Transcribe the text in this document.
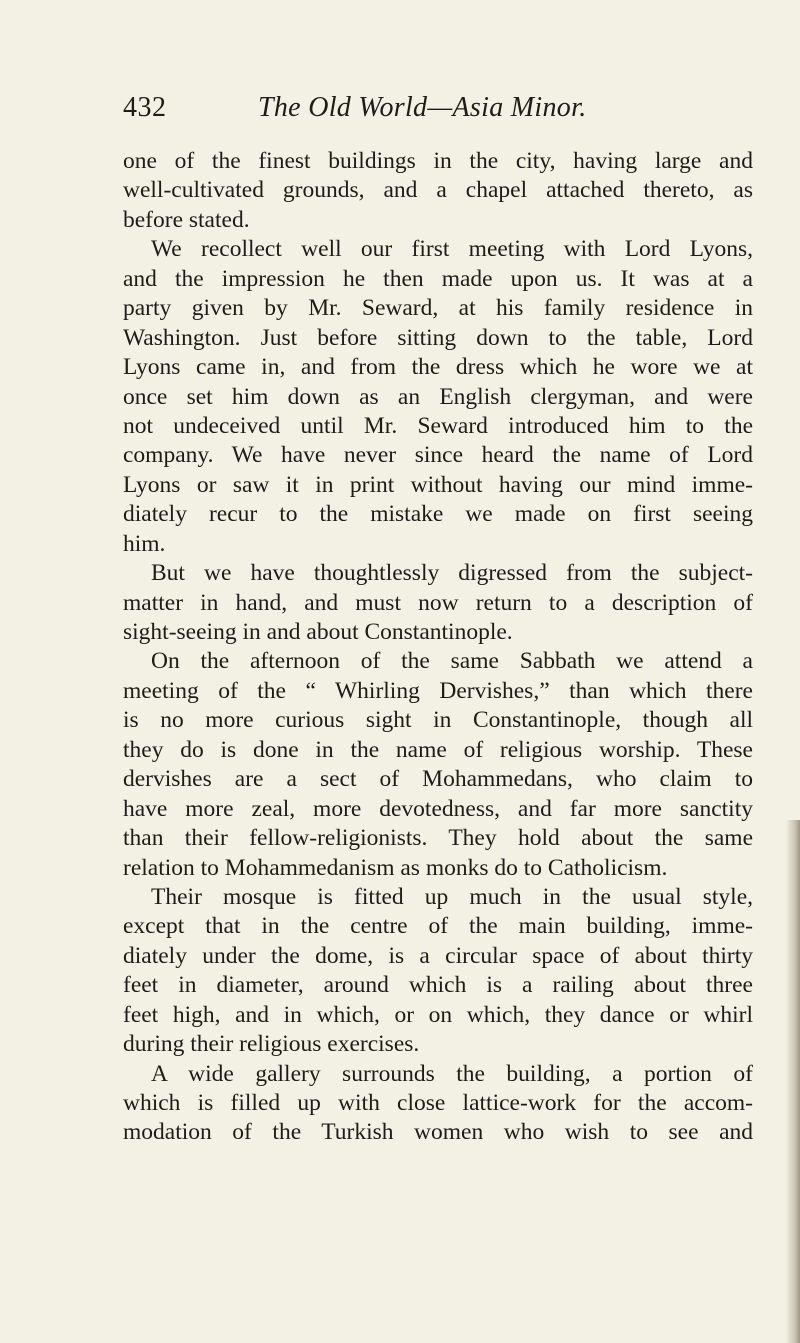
432	The Old World—Asia Minor.
one of the finest buildings in the city, having large and
well-cultivated grounds, and a chapel attached thereto, as
before stated.
We recollect well our first meeting with Lord Lyons,
and the impression he then made upon us. It was at a
party given by Mr. Seward, at his family residence in
Washington. Just before sitting down to the table, Lord
Lyons came in, and from the dress which he wore we at
once set him down as an English clergyman, and were
not undeceived until Mr. Seward introduced him to the
company. We have never since heard the name of Lord
Lyons or saw it in print without having our mind imme-
diately recur to the mistake we made on first seeing
him.
But we have thoughtlessly digressed from the subject-
matter in hand, and must now return to a description of
sight-seeing in and about Constantinople.
On the afternoon of the same Sabbath we attend a
meeting of the “ Whirling Dervishes,” than which there
is no more curious sight in Constantinople, though all
they do is done in the name of religious worship. These
dervishes are a sect of Mohammedans, who claim to
have more zeal, more devotedness, and far more sanctity
than their fellow-religionists. They hold about the same
relation to Mohammedanism as monks do to Catholicism.
Their mosque is fitted up much in the usual style,
except that in the centre of the main building, imme-
diately under the dome, is a circular space of about thirty
feet in diameter, around which is a railing about three
feet high, and in which, or on which, they dance or whirl
during their religious exercises.
A wide gallery surrounds the building, a portion of
which is filled up with close lattice-work for the accom-
modation of the Turkish women who wish to see and
